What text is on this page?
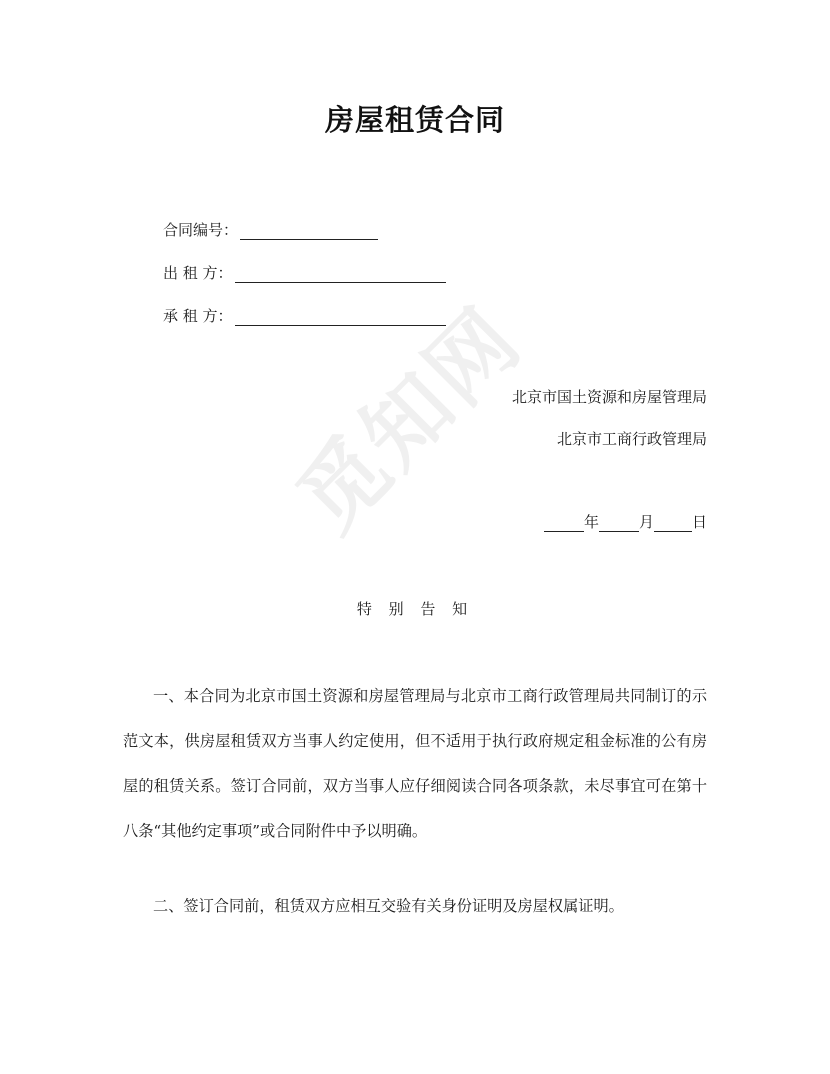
觅知网
房屋租赁合同
合同编号：
出 租 方：
承 租 方：
北京市国土资源和房屋管理局
北京市工商行政管理局
年	月	日
特 别 告 知
一、本合同为北京市国土资源和房屋管理局与北京市工商行政管理局共同制订的示范文本，供房屋租赁双方当事人约定使用，但不适用于执行政府规定租金标准的公有房屋的租赁关系。签订合同前，双方当事人应仔细阅读合同各项条款，未尽事宜可在第十八条“其他约定事项”或合同附件中予以明确。
二、签订合同前，租赁双方应相互交验有关身份证明及房屋权属证明。
